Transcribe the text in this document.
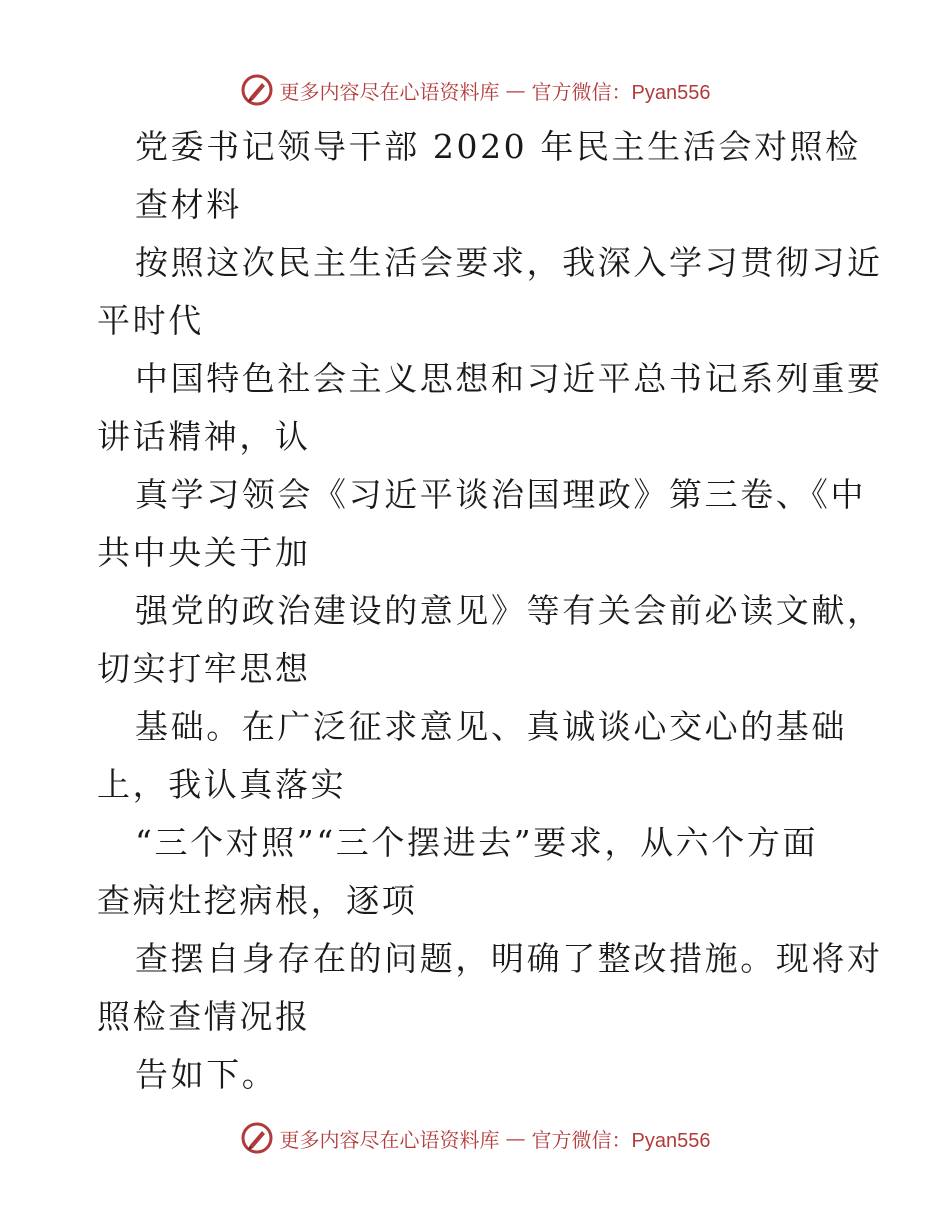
更多内容尽在心语资料库 — 官方微信：Pyan556
党委书记领导干部 2020 年民主生活会对照检
查材料
按照这次民主生活会要求，我深入学习贯彻习近
平时代
中国特色社会主义思想和习近平总书记系列重要
讲话精神，认
真学习领会《习近平谈治国理政》第三卷、《中
共中央关于加
强党的政治建设的意见》等有关会前必读文献，
切实打牢思想
基础。在广泛征求意见、真诚谈心交心的基础
上，我认真落实
“三个对照”“三个摆进去”要求，从六个方面
查病灶挖病根，逐项
查摆自身存在的问题，明确了整改措施。现将对
照检查情况报
告如下。
更多内容尽在心语资料库 — 官方微信：Pyan556
